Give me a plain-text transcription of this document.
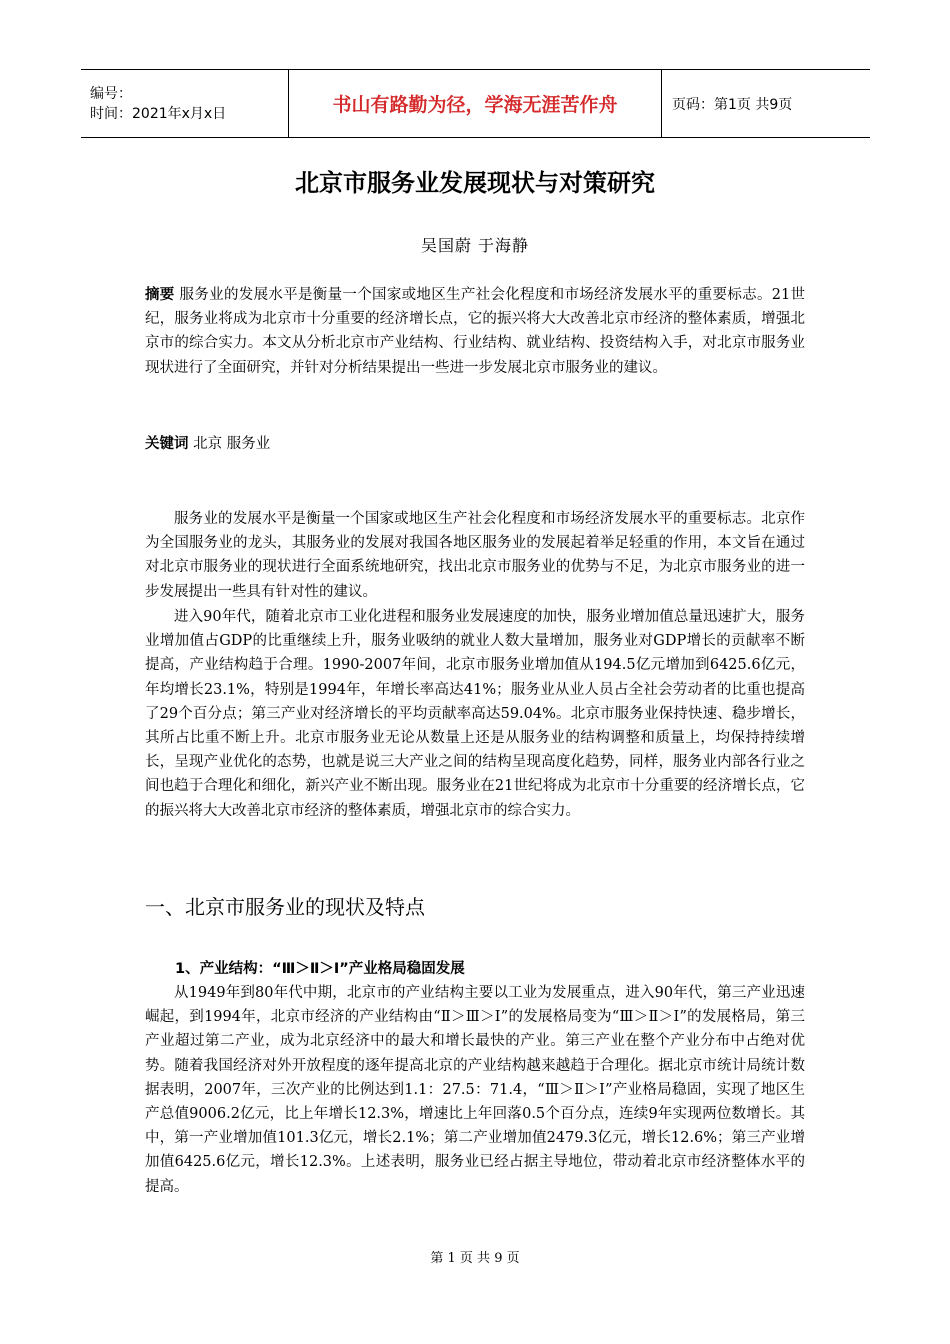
编号：
时间：2021年x月x日	书山有路勤为径，学海无涯苦作舟	页码：第1页 共9页
北京市服务业发展现状与对策研究
吴国蔚 于海静
摘要 服务业的发展水平是衡量一个国家或地区生产社会化程度和市场经济发展水平的重要标志。21世纪，服务业将成为北京市十分重要的经济增长点，它的振兴将大大改善北京市经济的整体素质，增强北京市的综合实力。本文从分析北京市产业结构、行业结构、就业结构、投资结构入手，对北京市服务业现状进行了全面研究，并针对分析结果提出一些进一步发展北京市服务业的建议。
关键词 北京 服务业
服务业的发展水平是衡量一个国家或地区生产社会化程度和市场经济发展水平的重要标志。北京作为全国服务业的龙头，其服务业的发展对我国各地区服务业的发展起着举足轻重的作用，本文旨在通过对北京市服务业的现状进行全面系统地研究，找出北京市服务业的优势与不足，为北京市服务业的进一步发展提出一些具有针对性的建议。
进入90年代，随着北京市工业化进程和服务业发展速度的加快，服务业增加值总量迅速扩大，服务业增加值占GDP的比重继续上升，服务业吸纳的就业人数大量增加，服务业对GDP增长的贡献率不断提高，产业结构趋于合理。1990-2007年间，北京市服务业增加值从194.5亿元增加到6425.6亿元，年均增长23.1%，特别是1994年，年增长率高达41%；服务业从业人员占全社会劳动者的比重也提高了29个百分点；第三产业对经济增长的平均贡献率高达59.04%。北京市服务业保持快速、稳步增长，其所占比重不断上升。北京市服务业无论从数量上还是从服务业的结构调整和质量上，均保持持续增长，呈现产业优化的态势，也就是说三大产业之间的结构呈现高度化趋势，同样，服务业内部各行业之间也趋于合理化和细化，新兴产业不断出现。服务业在21世纪将成为北京市十分重要的经济增长点，它的振兴将大大改善北京市经济的整体素质，增强北京市的综合实力。
一、北京市服务业的现状及特点
1、产业结构：“Ⅲ＞Ⅱ＞Ⅰ”产业格局稳固发展
从1949年到80年代中期，北京市的产业结构主要以工业为发展重点，进入90年代，第三产业迅速崛起，到1994年，北京市经济的产业结构由“Ⅱ＞Ⅲ＞Ⅰ”的发展格局变为“Ⅲ＞Ⅱ＞Ⅰ”的发展格局，第三产业超过第二产业，成为北京经济中的最大和增长最快的产业。第三产业在整个产业分布中占绝对优势。随着我国经济对外开放程度的逐年提高北京的产业结构越来越趋于合理化。据北京市统计局统计数据表明，2007年，三次产业的比例达到1.1：27.5：71.4，“Ⅲ＞Ⅱ＞Ⅰ”产业格局稳固，实现了地区生产总值9006.2亿元，比上年增长12.3%，增速比上年回落0.5个百分点，连续9年实现两位数增长。其中，第一产业增加值101.3亿元，增长2.1%；第二产业增加值2479.3亿元，增长12.6%；第三产业增加值6425.6亿元，增长12.3%。上述表明，服务业已经占据主导地位，带动着北京市经济整体水平的提高。
第 1 页 共 9 页
